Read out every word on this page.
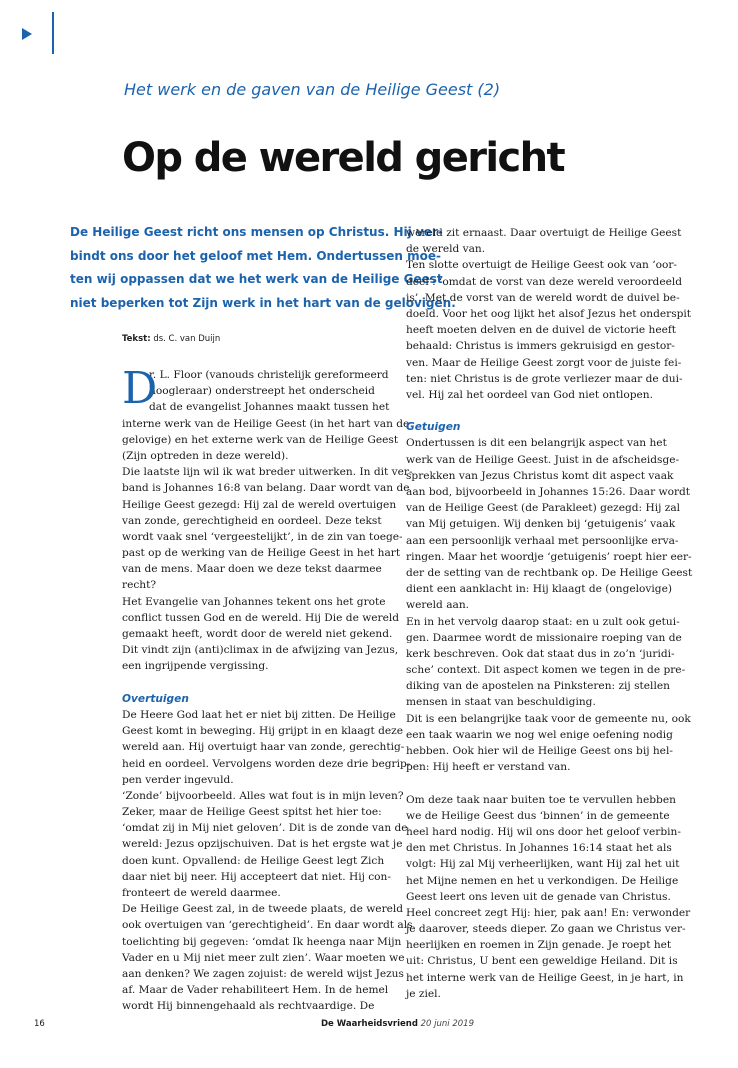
Het werk en de gaven van de Heilige Geest (2)
Op de wereld gericht
De Heilige Geest richt ons mensen op Christus. Hij ver-
bindt ons door het geloof met Hem. Ondertussen moe-
ten wij oppassen dat we het werk van de Heilige Geest
niet beperken tot Zijn werk in het hart van de gelovigen.
Tekst: ds. C. van Duijn
D
r. L. Floor (vanouds christelijk gereformeerd
hoogleraar) onderstreept het onderscheid
dat de evangelist Johannes maakt tussen het
interne werk van de Heilige Geest (in het hart van de
gelovige) en het externe werk van de Heilige Geest
(Zijn optreden in deze wereld).
Die laatste lijn wil ik wat breder uitwerken. In dit ver-
band is Johannes 16:8 van belang. Daar wordt van de
Heilige Geest gezegd: Hij zal de wereld overtuigen
van zonde, gerechtigheid en oordeel. Deze tekst
wordt vaak snel ‘vergeestelijkt’, in de zin van toege-
past op de werking van de Heilige Geest in het hart
van de mens. Maar doen we deze tekst daarmee
recht?
Het Evangelie van Johannes tekent ons het grote
conflict tussen God en de wereld. Hij Die de wereld
gemaakt heeft, wordt door de wereld niet gekend.
Dit vindt zijn (anti)climax in de afwijzing van Jezus,
een ingrijpende vergissing.
Overtuigen
De Heere God laat het er niet bij zitten. De Heilige
Geest komt in beweging. Hij grijpt in en klaagt deze
wereld aan. Hij overtuigt haar van zonde, gerechtig-
heid en oordeel. Vervolgens worden deze drie begrip-
pen verder ingevuld.
‘Zonde’ bijvoorbeeld. Alles wat fout is in mijn leven?
Zeker, maar de Heilige Geest spitst het hier toe:
‘omdat zij in Mij niet geloven’. Dit is de zonde van de
wereld: Jezus opzijschuiven. Dat is het ergste wat je
doen kunt. Opvallend: de Heilige Geest legt Zich
daar niet bij neer. Hij accepteert dat niet. Hij con-
fronteert de wereld daarmee.
De Heilige Geest zal, in de tweede plaats, de wereld
ook overtuigen van ‘gerechtigheid’. En daar wordt als
toelichting bij gegeven: ‘omdat Ik heenga naar Mijn
Vader en u Mij niet meer zult zien’. Waar moeten we
aan denken? We zagen zojuist: de wereld wijst Jezus
af. Maar de Vader rehabiliteert Hem. In de hemel
wordt Hij binnengehaald als rechtvaardige. De
wereld zit ernaast. Daar overtuigt de Heilige Geest
de wereld van.
Ten slotte overtuigt de Heilige Geest ook van ‘oor-
deel’: ‘omdat de vorst van deze wereld veroordeeld
is’. Met de vorst van de wereld wordt de duivel be-
doeld. Voor het oog lijkt het alsof Jezus het onderspit
heeft moeten delven en de duivel de victorie heeft
behaald: Christus is immers gekruisigd en gestor-
ven. Maar de Heilige Geest zorgt voor de juiste fei-
ten: niet Christus is de grote verliezer maar de dui-
vel. Hij zal het oordeel van God niet ontlopen.
Getuigen
Ondertussen is dit een belangrijk aspect van het
werk van de Heilige Geest. Juist in de afscheidsge-
sprekken van Jezus Christus komt dit aspect vaak
aan bod, bijvoorbeeld in Johannes 15:26. Daar wordt
van de Heilige Geest (de Parakleet) gezegd: Hij zal
van Mij getuigen. Wij denken bij ‘getuigenis’ vaak
aan een persoonlijk verhaal met persoonlijke erva-
ringen. Maar het woordje ‘getuigenis’ roept hier eer-
der de setting van de rechtbank op. De Heilige Geest
dient een aanklacht in: Hij klaagt de (ongelovige)
wereld aan.
En in het vervolg daarop staat: en u zult ook getui-
gen. Daarmee wordt de missionaire roeping van de
kerk beschreven. Ook dat staat dus in zo’n ‘juridi-
sche’ context. Dit aspect komen we tegen in de pre-
diking van de apostelen na Pinksteren: zij stellen
mensen in staat van beschuldiging.
Dit is een belangrijke taak voor de gemeente nu, ook
een taak waarin we nog wel enige oefening nodig
hebben. Ook hier wil de Heilige Geest ons bij hel-
pen: Hij heeft er verstand van.
Om deze taak naar buiten toe te vervullen hebben
we de Heilige Geest dus ‘binnen’ in de gemeente
heel hard nodig. Hij wil ons door het geloof verbin-
den met Christus. In Johannes 16:14 staat het als
volgt: Hij zal Mij verheerlijken, want Hij zal het uit
het Mijne nemen en het u verkondigen. De Heilige
Geest leert ons leven uit de genade van Christus.
Heel concreet zegt Hij: hier, pak aan! En: verwonder
je daarover, steeds dieper. Zo gaan we Christus ver-
heerlijken en roemen in Zijn genade. Je roept het
uit: Christus, U bent een geweldige Heiland. Dit is
het interne werk van de Heilige Geest, in je hart, in
je ziel.
16	De Waarheidsvriend 20 juni 2019
